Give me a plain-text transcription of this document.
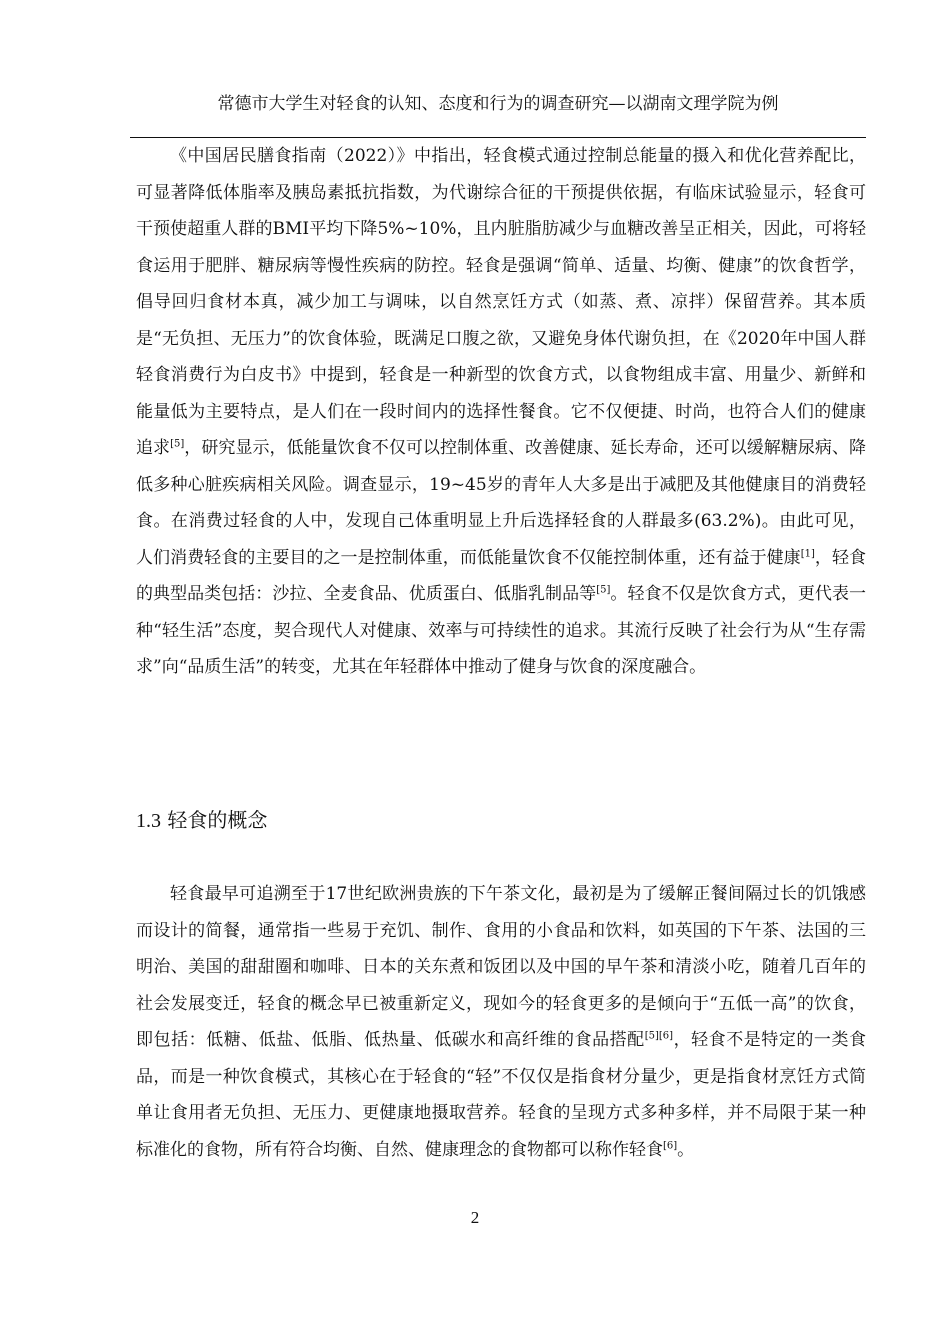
常德市大学生对轻食的认知、态度和行为的调查研究—以湖南文理学院为例

《中国居民膳食指南（2022）》中指出，轻食模式通过控制总能量的摄入和优化营养配比，可显著降低体脂率及胰岛素抵抗指数，为代谢综合征的干预提供依据，有临床试验显示，轻食可干预使超重人群的BMI平均下降5%~10%，且内脏脂肪减少与血糖改善呈正相关，因此，可将轻食运用于肥胖、糖尿病等慢性疾病的防控。轻食是强调“简单、适量、均衡、健康”的饮食哲学，倡导回归食材本真，减少加工与调味，以自然烹饪方式（如蒸、煮、凉拌）保留营养。其本质是“无负担、无压力”的饮食体验，既满足口腹之欲，又避免身体代谢负担，在《2020年中国人群轻食消费行为白皮书》中提到，轻食是一种新型的饮食方式，以食物组成丰富、用量少、新鲜和能量低为主要特点，是人们在一段时间内的选择性餐食。它不仅便捷、时尚，也符合人们的健康追求[5]，研究显示，低能量饮食不仅可以控制体重、改善健康、延长寿命，还可以缓解糖尿病、降低多种心脏疾病相关风险。调查显示，19~45岁的青年人大多是出于减肥及其他健康目的消费轻食。在消费过轻食的人中，发现自己体重明显上升后选择轻食的人群最多(63.2%)。由此可见，人们消费轻食的主要目的之一是控制体重，而低能量饮食不仅能控制体重，还有益于健康[1]，轻食的典型品类包括：沙拉、全麦食品、优质蛋白、低脂乳制品等[5]。轻食不仅是饮食方式，更代表一种“轻生活”态度，契合现代人对健康、效率与可持续性的追求。其流行反映了社会行为从“生存需求”向“品质生活”的转变，尤其在年轻群体中推动了健身与饮食的深度融合。

1.3 轻食的概念

轻食最早可追溯至于17世纪欧洲贵族的下午茶文化，最初是为了缓解正餐间隔过长的饥饿感而设计的简餐，通常指一些易于充饥、制作、食用的小食品和饮料，如英国的下午茶、法国的三明治、美国的甜甜圈和咖啡、日本的关东煮和饭团以及中国的早午茶和清淡小吃，随着几百年的社会发展变迁，轻食的概念早已被重新定义，现如今的轻食更多的是倾向于“五低一高”的饮食，即包括：低糖、低盐、低脂、低热量、低碳水和高纤维的食品搭配[5][6]，轻食不是特定的一类食品，而是一种饮食模式，其核心在于轻食的“轻”不仅仅是指食材分量少，更是指食材烹饪方式简单让食用者无负担、无压力、更健康地摄取营养。轻食的呈现方式多种多样，并不局限于某一种标准化的食物，所有符合均衡、自然、健康理念的食物都可以称作轻食[6]。

2
